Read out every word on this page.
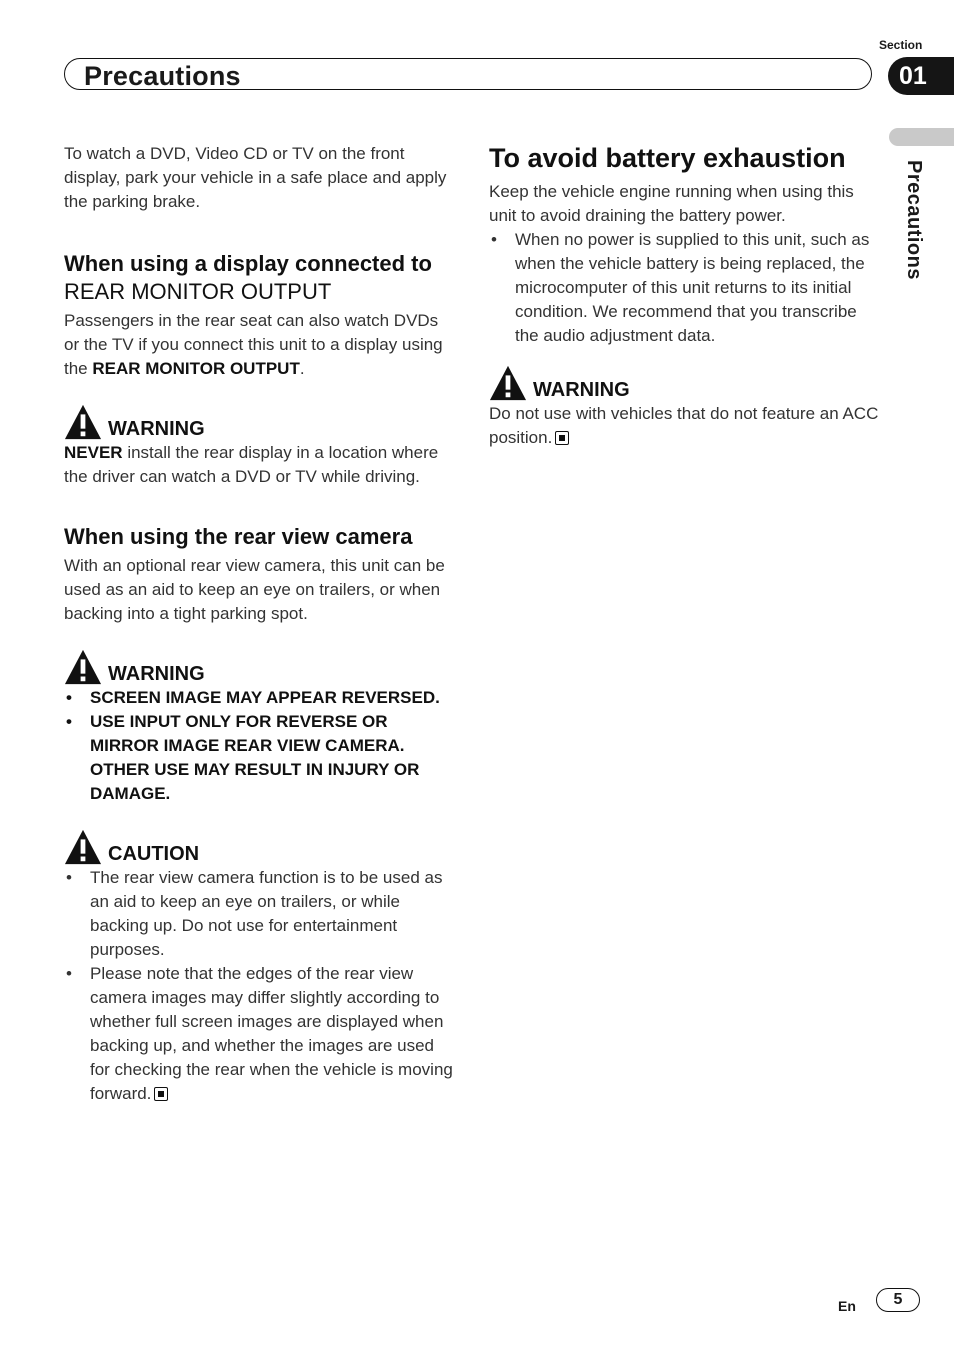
Section
Precautions	01
Precautions

To watch a DVD, Video CD or TV on the front display, park your vehicle in a safe place and apply the parking brake.

When using a display connected to REAR MONITOR OUTPUT

Passengers in the rear seat can also watch DVDs or the TV if you connect this unit to a display using the REAR MONITOR OUTPUT.

WARNING

NEVER install the rear display in a location where the driver can watch a DVD or TV while driving.

When using the rear view camera

With an optional rear view camera, this unit can be used as an aid to keep an eye on trailers, or when backing into a tight parking spot.

WARNING
• SCREEN IMAGE MAY APPEAR REVERSED.
• USE INPUT ONLY FOR REVERSE OR MIRROR IMAGE REAR VIEW CAMERA. OTHER USE MAY RESULT IN INJURY OR DAMAGE.
CAUTION
• The rear view camera function is to be used as an aid to keep an eye on trailers, or while backing up. Do not use for entertainment purposes.
• Please note that the edges of the rear view camera images may differ slightly according to whether full screen images are displayed when backing up, and whether the images are used for checking the rear when the vehicle is moving forward.
To avoid battery exhaustion

Keep the vehicle engine running when using this unit to avoid draining the battery power.

• When no power is supplied to this unit, such as when the vehicle battery is being replaced, the microcomputer of this unit returns to its initial condition. We recommend that you transcribe the audio adjustment data.
WARNING

Do not use with vehicles that do not feature an ACC position.

En	5
